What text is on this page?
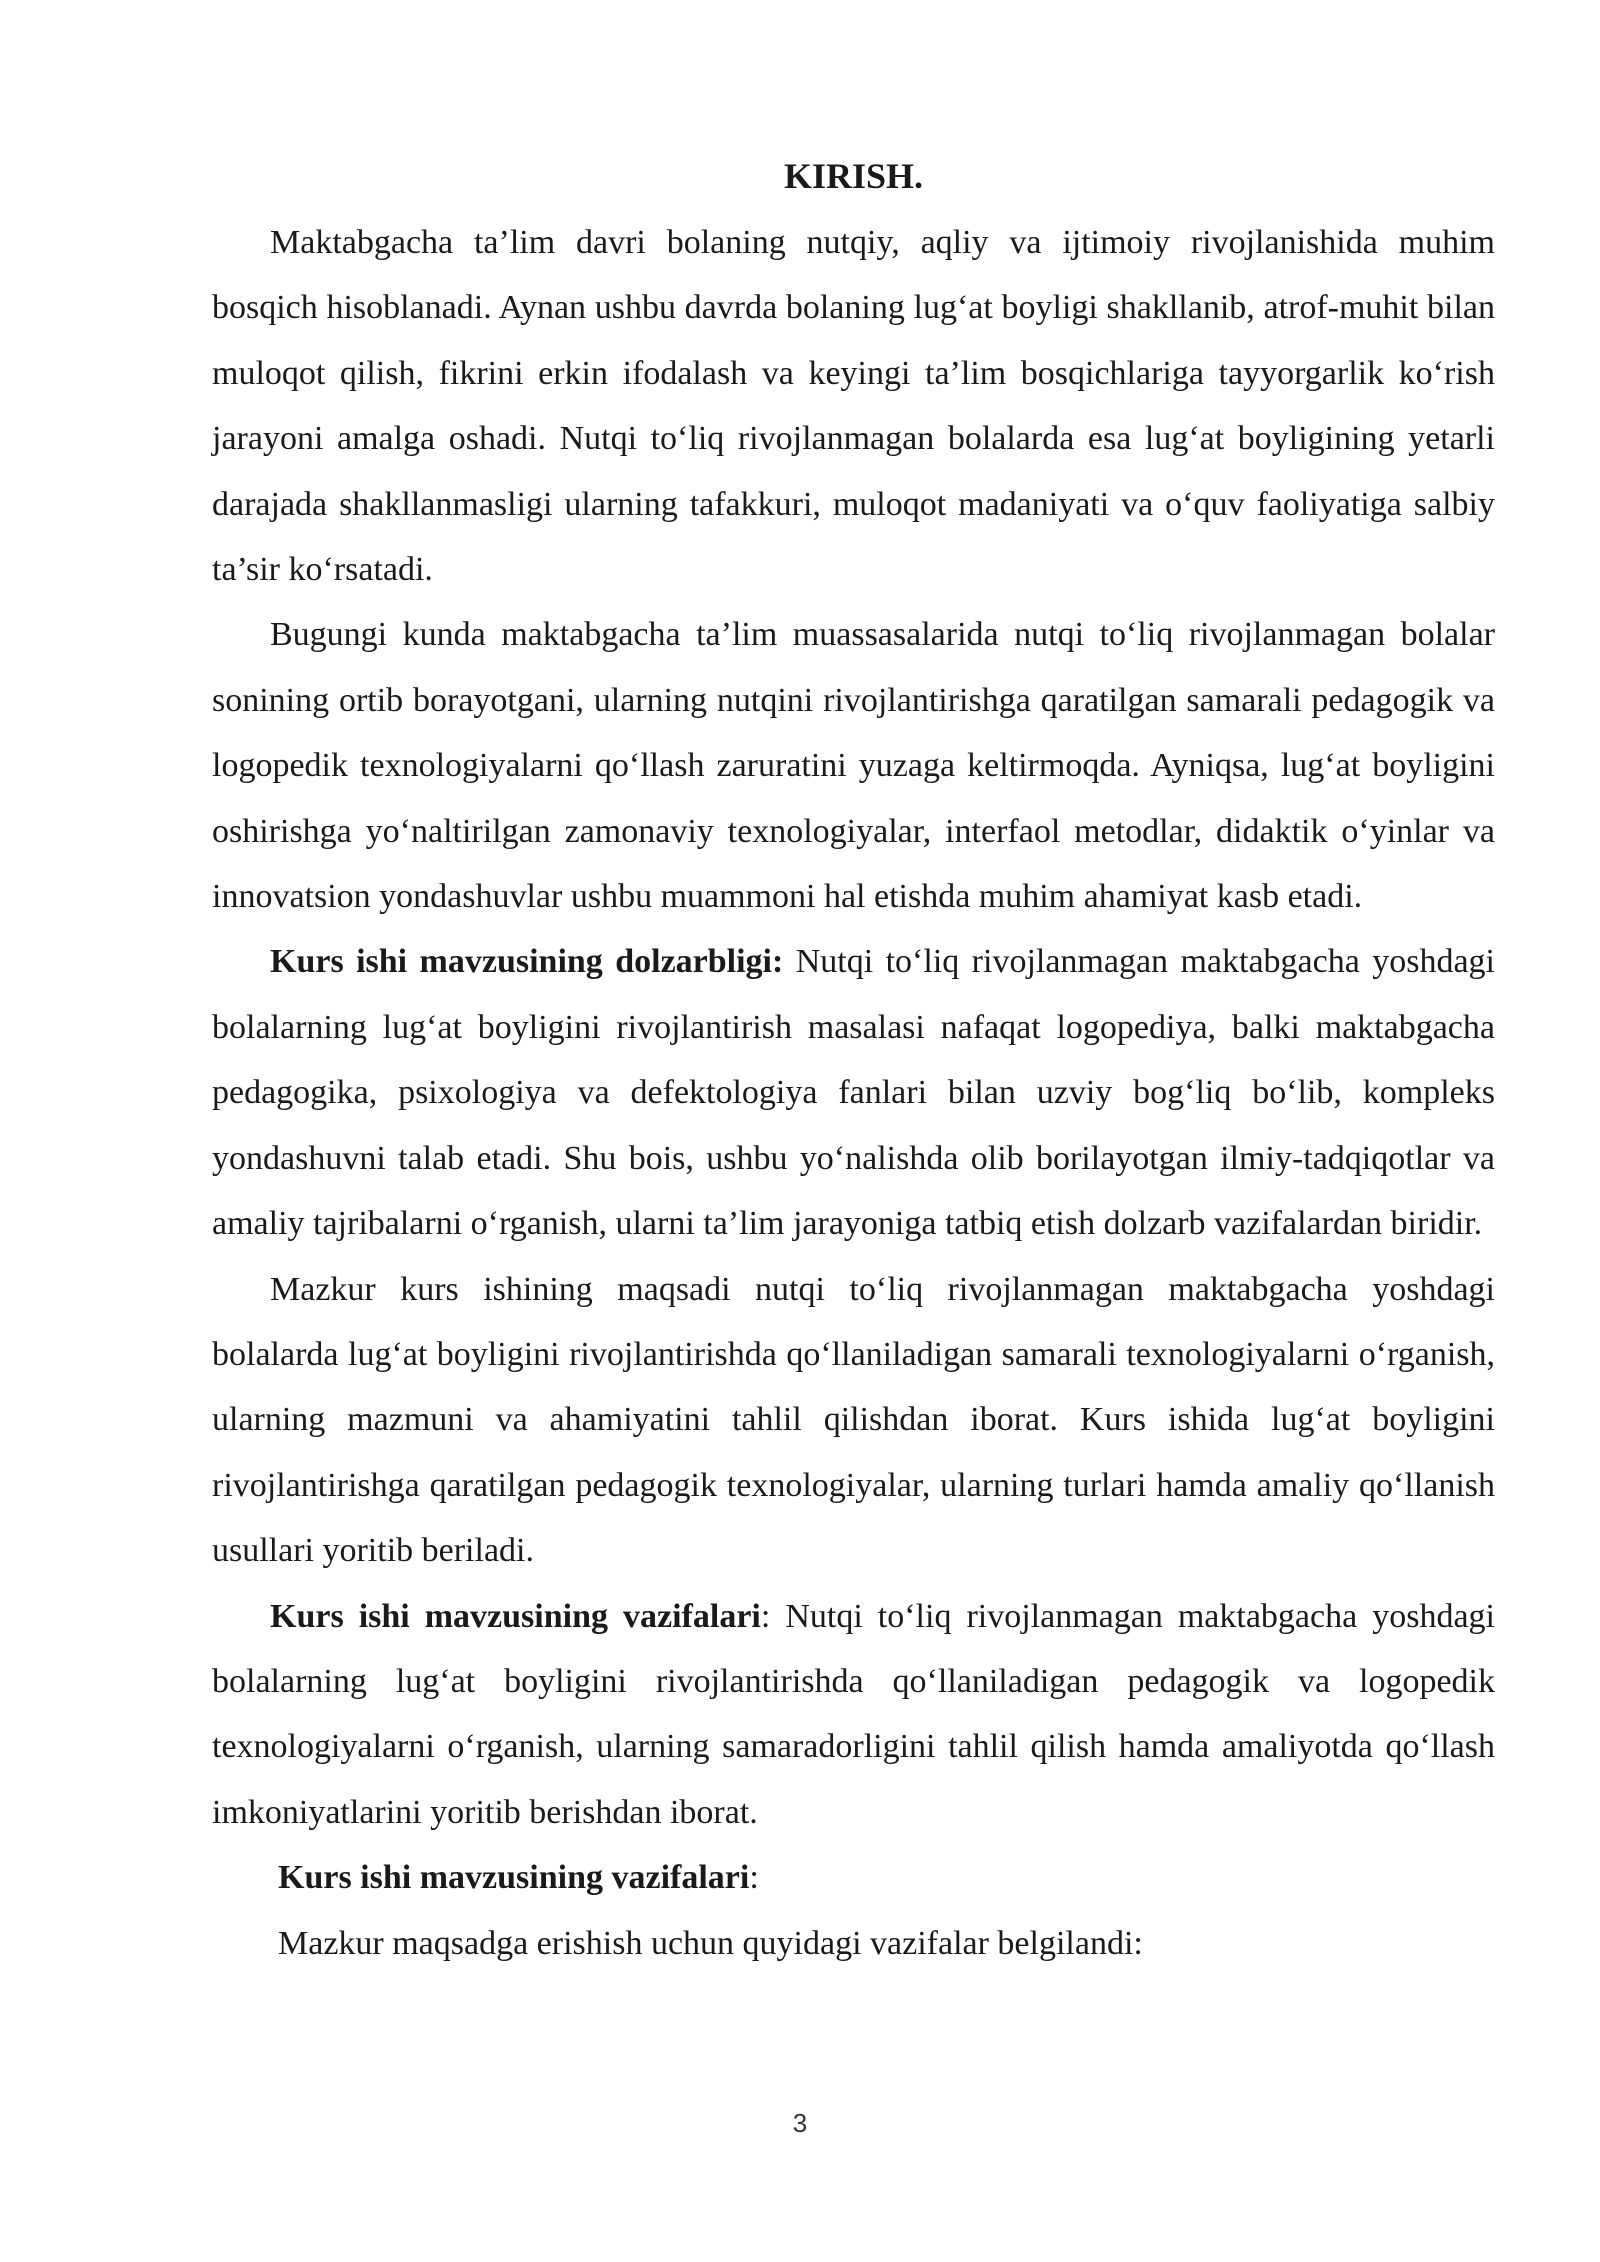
KIRISH.

Maktabgacha ta’lim davri bolaning nutqiy, aqliy va ijtimoiy rivojlanishida muhim bosqich hisoblanadi. Aynan ushbu davrda bolaning lug‘at boyligi shakllanib, atrof-muhit bilan muloqot qilish, fikrini erkin ifodalash va keyingi ta’lim bosqichlariga tayyorgarlik ko‘rish jarayoni amalga oshadi. Nutqi to‘liq rivojlanmagan bolalarda esa lug‘at boyligining yetarli darajada shakllanmasligi ularning tafakkuri, muloqot madaniyati va o‘quv faoliyatiga salbiy ta’sir ko‘rsatadi.

Bugungi kunda maktabgacha ta’lim muassasalarida nutqi to‘liq rivojlanmagan bolalar sonining ortib borayotgani, ularning nutqini rivojlantirishga qaratilgan samarali pedagogik va logopedik texnologiyalarni qo‘llash zaruratini yuzaga keltirmoqda. Ayniqsa, lug‘at boyligini oshirishga yo‘naltirilgan zamonaviy texnologiyalar, interfaol metodlar, didaktik o‘yinlar va innovatsion yondashuvlar ushbu muammoni hal etishda muhim ahamiyat kasb etadi.

Kurs ishi mavzusining dolzarbligi: Nutqi to‘liq rivojlanmagan maktabgacha yoshdagi bolalarning lug‘at boyligini rivojlantirish masalasi nafaqat logopediya, balki maktabgacha pedagogika, psixologiya va defektologiya fanlari bilan uzviy bog‘liq bo‘lib, kompleks yondashuvni talab etadi. Shu bois, ushbu yo‘nalishda olib borilayotgan ilmiy-tadqiqotlar va amaliy tajribalarni o‘rganish, ularni ta’lim jarayoniga tatbiq etish dolzarb vazifalardan biridir.

Mazkur kurs ishining maqsadi nutqi to‘liq rivojlanmagan maktabgacha yoshdagi bolalarda lug‘at boyligini rivojlantirishda qo‘llaniladigan samarali texnologiyalarni o‘rganish, ularning mazmuni va ahamiyatini tahlil qilishdan iborat. Kurs ishida lug‘at boyligini rivojlantirishga qaratilgan pedagogik texnologiyalar, ularning turlari hamda amaliy qo‘llanish usullari yoritib beriladi.

Kurs ishi mavzusining vazifalari: Nutqi to‘liq rivojlanmagan maktabgacha yoshdagi bolalarning lug‘at boyligini rivojlantirishda qo‘llaniladigan pedagogik va logopedik texnologiyalarni o‘rganish, ularning samaradorligini tahlil qilish hamda amaliyotda qo‘llash imkoniyatlarini yoritib berishdan iborat.

Kurs ishi mavzusining vazifalari:

Mazkur maqsadga erishish uchun quyidagi vazifalar belgilandi:

3
